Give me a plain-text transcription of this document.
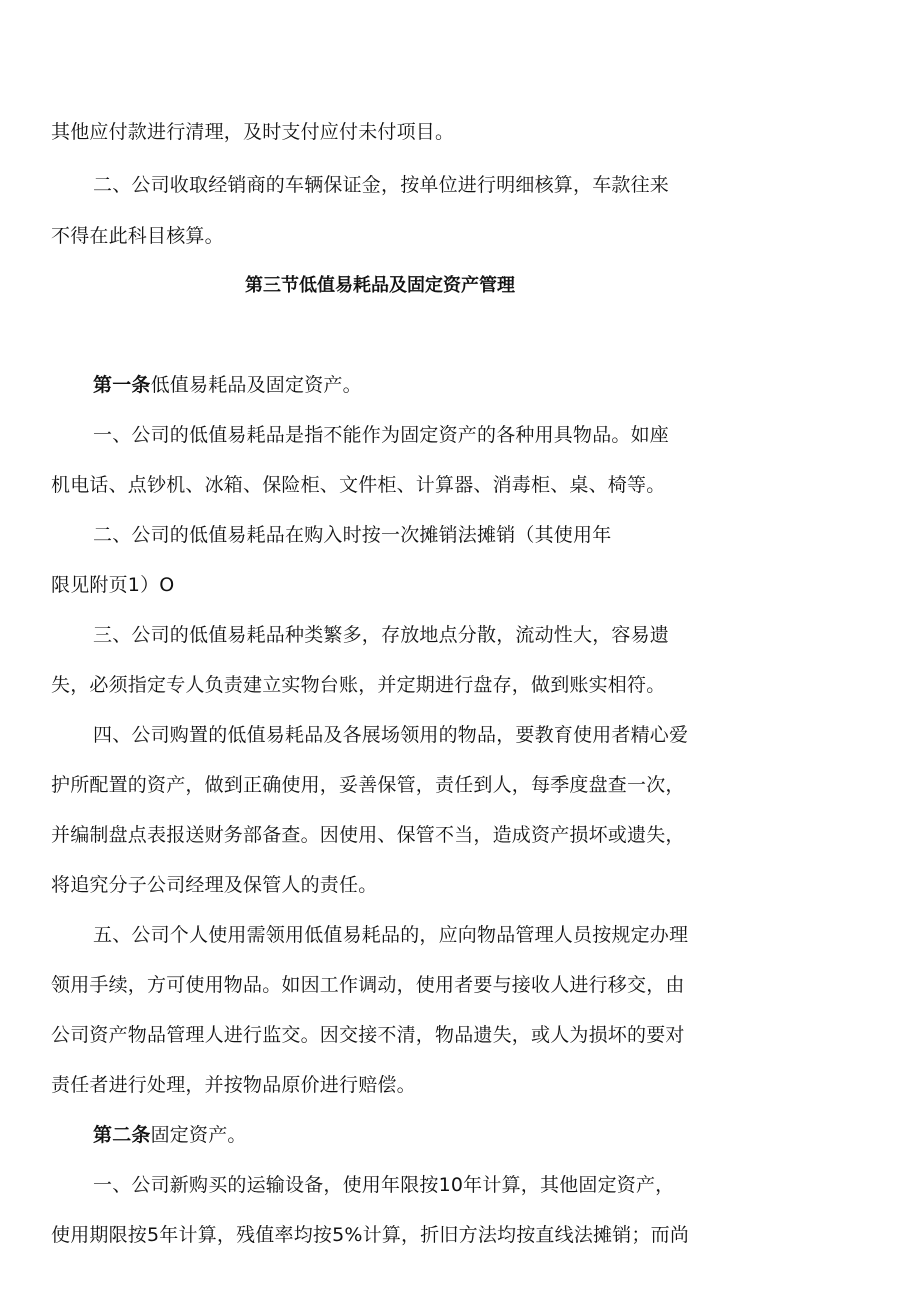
其他应付款进行清理，及时支付应付未付项目。
二、公司收取经销商的车辆保证金，按单位进行明细核算，车款往来
不得在此科目核算。
第三节低值易耗品及固定资产管理
第一条低值易耗品及固定资产。
一、公司的低值易耗品是指不能作为固定资产的各种用具物品。如座
机电话、点钞机、冰箱、保险柜、文件柜、计算器、消毒柜、桌、椅等。
二、公司的低值易耗品在购入时按一次摊销法摊销（其使用年
限见附页1）O
三、公司的低值易耗品种类繁多，存放地点分散，流动性大，容易遗
失，必须指定专人负责建立实物台账，并定期进行盘存，做到账实相符。
四、公司购置的低值易耗品及各展场领用的物品，要教育使用者精心爱
护所配置的资产，做到正确使用，妥善保管，责任到人，每季度盘查一次，
并编制盘点表报送财务部备查。因使用、保管不当，造成资产损坏或遗失，
将追究分子公司经理及保管人的责任。
五、公司个人使用需领用低值易耗品的，应向物品管理人员按规定办理
领用手续，方可使用物品。如因工作调动，使用者要与接收人进行移交，由
公司资产物品管理人进行监交。因交接不清，物品遗失，或人为损坏的要对
责任者进行处理，并按物品原价进行赔偿。
第二条固定资产。
一、公司新购买的运输设备，使用年限按10年计算，其他固定资产，
使用期限按5年计算，残值率均按5%计算，折旧方法均按直线法摊销；而尚
